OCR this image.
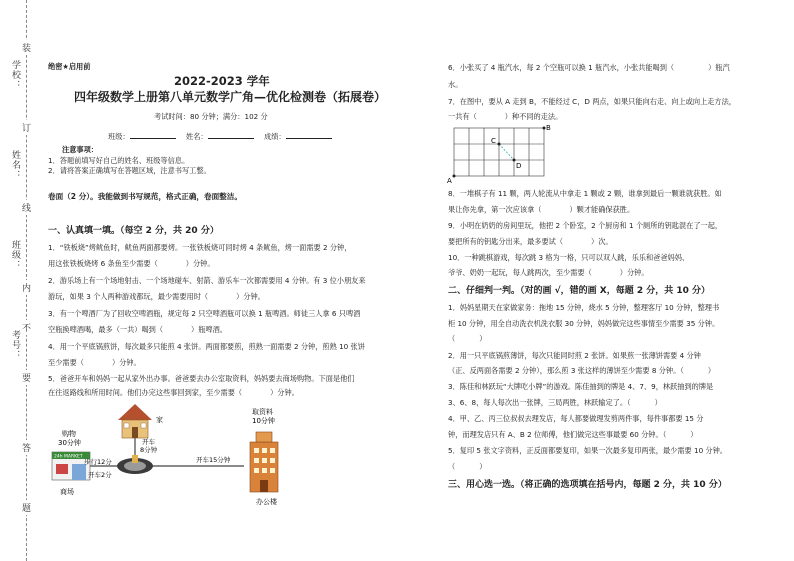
学校：
姓名：
班级：
考号：
装
订
线
内
不
要
答
题
绝密★启用前
2022-2023 学年
四年级数学上册第八单元数学广角—优化检测卷（拓展卷）
考试时间：80 分钟；满分：102 分
班级：	姓名：	成绩：
注意事项：
1．答题前填写好自己的姓名、班级等信息。
2．请将答案正确填写在答题区域，注意书写工整。
卷面（2 分）。我能做到书写规范，格式正确，卷面整洁。
一、认真填一填。（每空 2 分，共 20 分）
1．“铁板烧”烤鱿鱼时，鱿鱼两面都要烤。一张铁板烧可同时烤 4 条鱿鱼，烤一面需要 2 分钟，
用这张铁板烧烤 6 条鱼至少需要（	）分钟。
2．游乐场上有一个场地射击、一个场地碰车、射箭、游乐车一次都需要用 4 分钟。有 3 位小朋友来
游玩，如果 3 个人两种游戏都玩，最少需要用时（	）分钟。
3．有一个啤酒厂为了回收空啤酒瓶，规定每 2 只空啤酒瓶可以换 1 瓶啤酒。师徒三人拿 6 只啤酒
空瓶换啤酒喝，最多（一共）喝到（	）瓶啤酒。
4．用一个平底锅煎饼，每次最多只能煎 4 张饼。两面都要煎，煎熟一面需要 2 分钟，煎熟 10 张饼
至少需要（	）分钟。
5．爸爸开车和妈妈一起从家外出办事。爸爸要去办公室取资料，妈妈要去商场购物。下面是他们
在往返路线和所用时间。他们办完这些事回到家，至少需要（	）分钟。
家
开车
8分钟
取资料
10分钟
办公楼
开车15分钟
24h MARKET
商场
购物
30分钟
步行12分
开车2分
6．小张买了 4 瓶汽水，每 2 个空瓶可以换 1 瓶汽水，小张共能喝到（	）瓶汽
水。
7．在图中，要从 A 走到 B，不能经过 C，D 两点，如果只能向右走、向上或向上走方法，
一共有（	）种不同的走法。
A
B
C
D
8．一堆棋子有 11 颗，两人轮流从中拿走 1 颗或 2 颗，谁拿到最后一颗谁就获胜。如
果让你先拿，第一次应该拿（	）颗才能确保获胜。
9．小明在奶奶的房间里玩，他把 2 个卧室，2 个厨房和 1 个厕所的钥匙混在了一起，
要把所有的钥匙分出来，最多要试（	）次。
10．一种跳棋游戏，每次跳 3 格为一格，只可以双人跳，乐乐和爸爸妈妈、
爷爷、奶奶一起玩，每人跳两次，至少需要（	）分钟。
二、仔细判一判。（对的画 √，错的画 X，每题 2 分，共 10 分）
1．妈妈星期天在家做家务：拖地 15 分钟，烧水 5 分钟，整理客厅 10 分钟，整理书
柜 10 分钟，用全自动洗衣机洗衣服 30 分钟，妈妈做完这些事情至少需要 35 分钟。
（	）
2．用一只平底锅煎薄饼，每次只能同时煎 2 张饼。如果煎一张薄饼需要 4 分钟
（正、反两面各需要 2 分钟），那么煎 3 张这样的薄饼至少需要 8 分钟。（	）
3．陈佳和林跃玩“大牌吃小牌”的游戏。陈佳抽到的牌是 4、7、9，林跃抽到的牌是
3、6、8，每人每次出一张牌，三局两胜，林跃输定了。（	）
4．甲、乙、丙三位叔叔去理发店，每人都要做理发剪两件事，每件事都要 15 分
钟，而理发店只有 A、B 2 位师傅，他们做完这些事最要 60 分钟。（	）
5．复印 5 张文字资料，正反面都要复印，如果一次最多复印两张，最少需要 10 分钟。
（	）
三、用心选一选。（将正确的选项填在括号内，每题 2 分，共 10 分）
